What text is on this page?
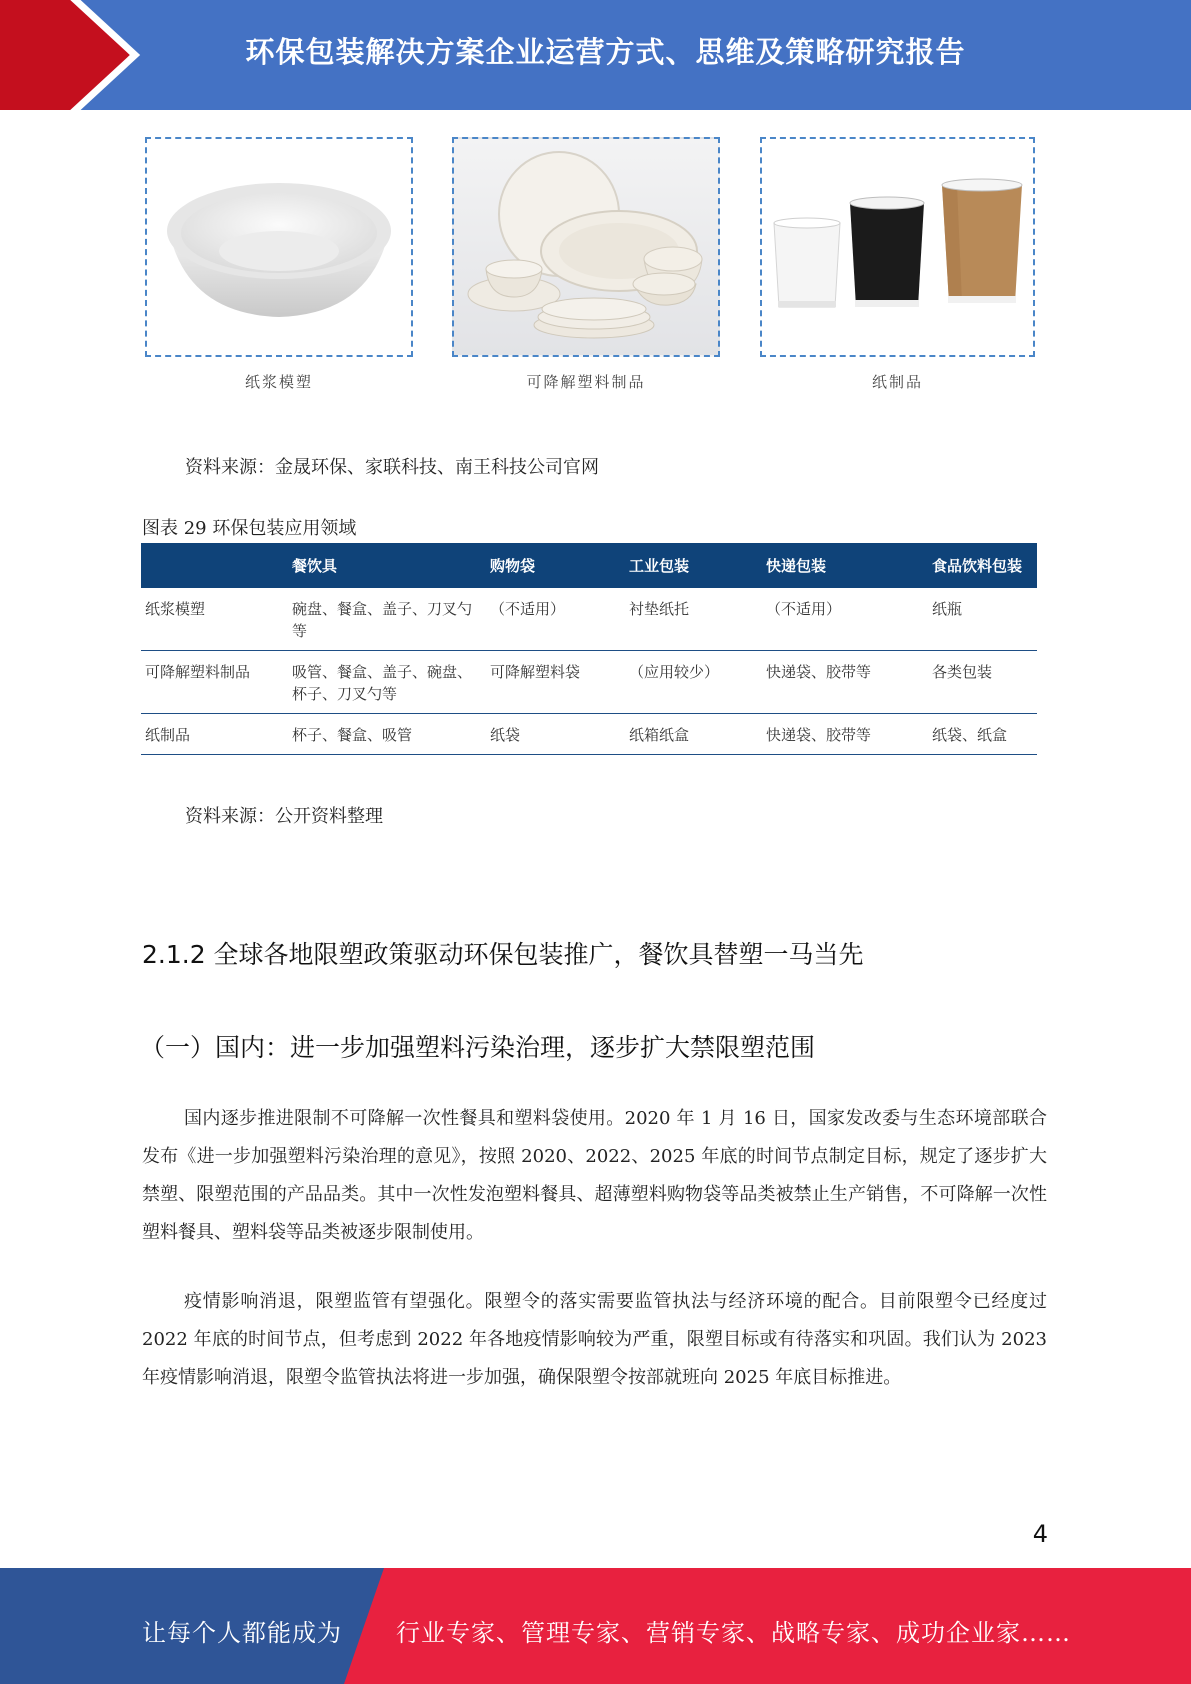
环保包装解决方案企业运营方式、思维及策略研究报告
纸浆模塑	可降解塑料制品	纸制品
资料来源：金晟环保、家联科技、南王科技公司官网
图表 29 环保包装应用领域
	餐饮具	购物袋	工业包装	快递包装	食品饮料包装
纸浆模塑	碗盘、餐盒、盖子、刀叉勺等	（不适用）	衬垫纸托	（不适用）	纸瓶
可降解塑料制品	吸管、餐盒、盖子、碗盘、杯子、刀叉勺等	可降解塑料袋	（应用较少）	快递袋、胶带等	各类包装
纸制品	杯子、餐盒、吸管	纸袋	纸箱纸盒	快递袋、胶带等	纸袋、纸盒
资料来源：公开资料整理
2.1.2 全球各地限塑政策驱动环保包装推广，餐饮具替塑一马当先
（一）国内：进一步加强塑料污染治理，逐步扩大禁限塑范围

国内逐步推进限制不可降解一次性餐具和塑料袋使用。2020 年 1 月 16 日，国家发改委与生态环境部联合发布《进一步加强塑料污染治理的意见》，按照 2020、2022、2025 年底的时间节点制定目标，规定了逐步扩大禁塑、限塑范围的产品品类。其中一次性发泡塑料餐具、超薄塑料购物袋等品类被禁止生产销售，不可降解一次性塑料餐具、塑料袋等品类被逐步限制使用。

疫情影响消退，限塑监管有望强化。限塑令的落实需要监管执法与经济环境的配合。目前限塑令已经度过 2022 年底的时间节点，但考虑到 2022 年各地疫情影响较为严重，限塑目标或有待落实和巩固。我们认为 2023 年疫情影响消退，限塑令监管执法将进一步加强，确保限塑令按部就班向 2025 年底目标推进。

4
让每个人都能成为 行业专家、管理专家、营销专家、战略专家、成功企业家……
